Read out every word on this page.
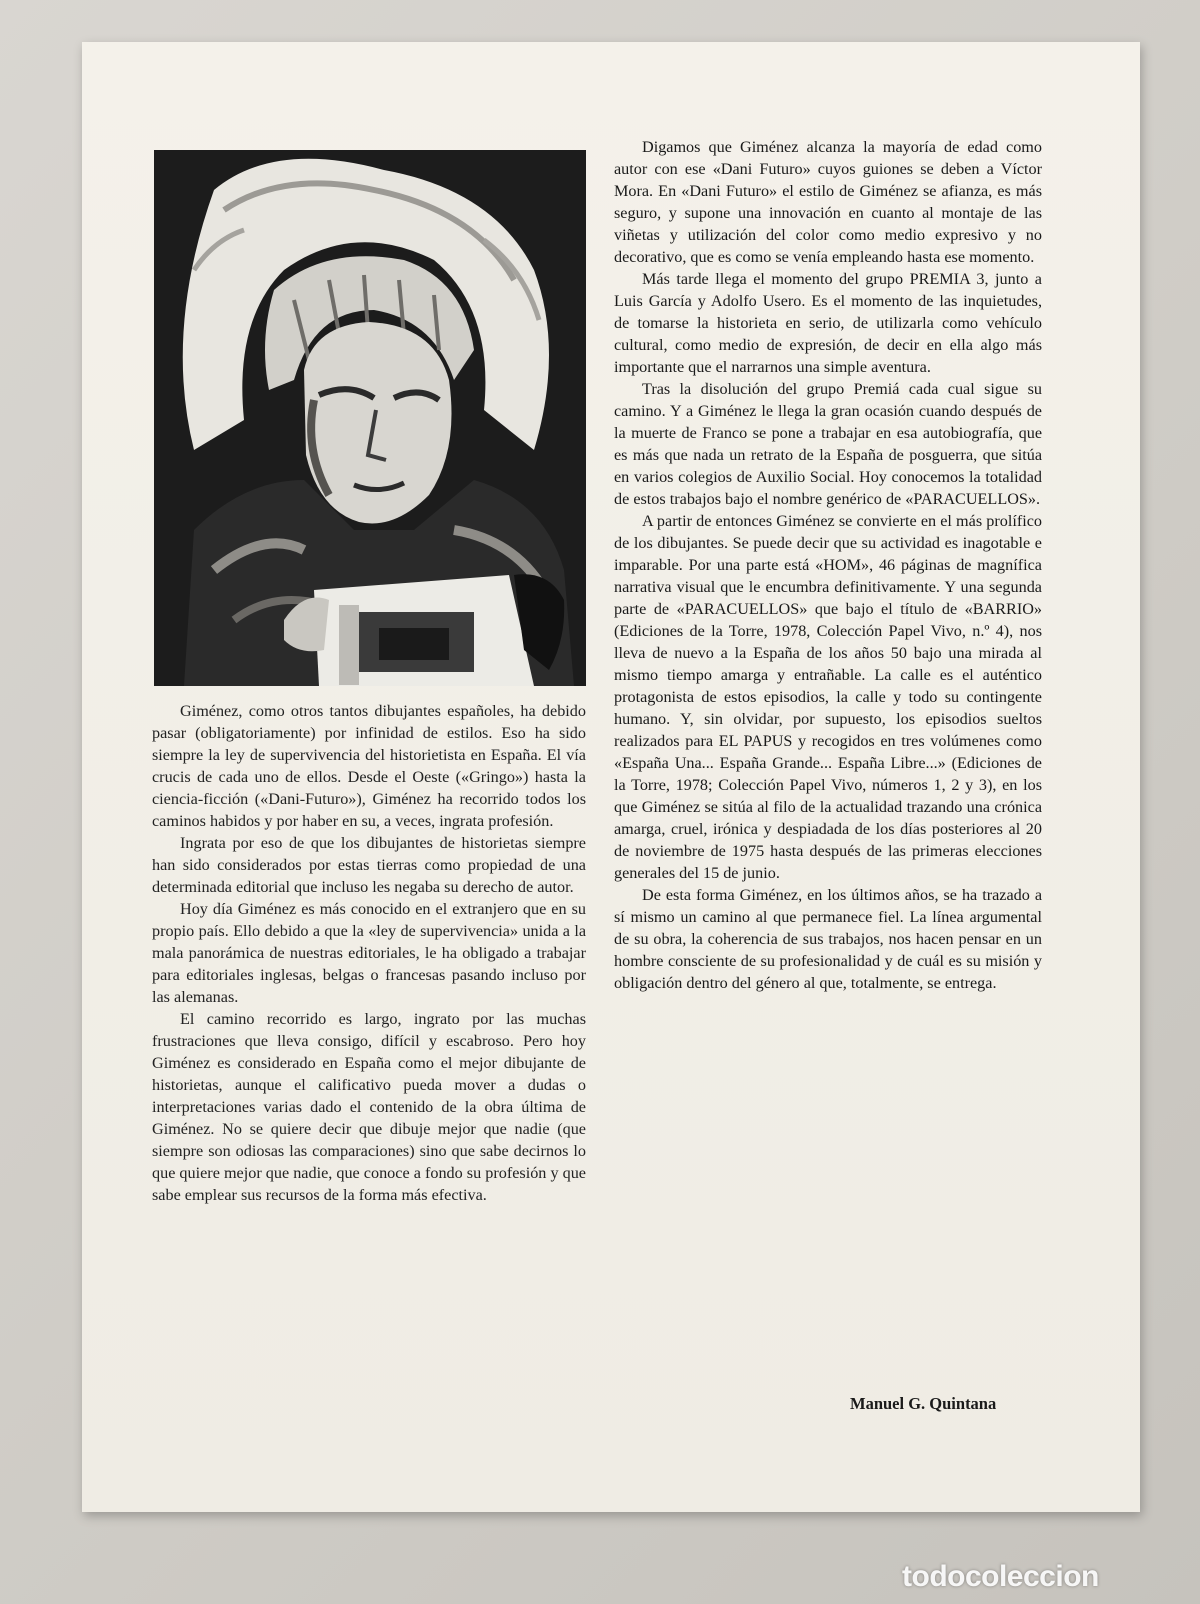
Giménez, como otros tantos dibujantes españoles, ha debido pasar (obligatoriamente) por infinidad de estilos. Eso ha sido siempre la ley de supervivencia del historietista en España. El vía crucis de cada uno de ellos. Desde el Oeste («Gringo») hasta la ciencia-ficción («Dani-Futuro»), Giménez ha recorrido todos los caminos habidos y por haber en su, a veces, ingrata profesión.

Ingrata por eso de que los dibujantes de historietas siempre han sido considerados por estas tierras como propiedad de una determinada editorial que incluso les negaba su derecho de autor.

Hoy día Giménez es más conocido en el extranjero que en su propio país. Ello debido a que la «ley de supervivencia» unida a la mala panorámica de nuestras editoriales, le ha obligado a trabajar para editoriales inglesas, belgas o francesas pasando incluso por las alemanas.

El camino recorrido es largo, ingrato por las muchas frustraciones que lleva consigo, difícil y escabroso. Pero hoy Giménez es considerado en España como el mejor dibujante de historietas, aunque el calificativo pueda mover a dudas o interpretaciones varias dado el contenido de la obra última de Giménez. No se quiere decir que dibuje mejor que nadie (que siempre son odiosas las comparaciones) sino que sabe decirnos lo que quiere mejor que nadie, que conoce a fondo su profesión y que sabe emplear sus recursos de la forma más efectiva.

Digamos que Giménez alcanza la mayoría de edad como autor con ese «Dani Futuro» cuyos guiones se deben a Víctor Mora. En «Dani Futuro» el estilo de Giménez se afianza, es más seguro, y supone una innovación en cuanto al montaje de las viñetas y utilización del color como medio expresivo y no decorativo, que es como se venía empleando hasta ese momento.

Más tarde llega el momento del grupo PREMIA 3, junto a Luis García y Adolfo Usero. Es el momento de las inquietudes, de tomarse la historieta en serio, de utilizarla como vehículo cultural, como medio de expresión, de decir en ella algo más importante que el narrarnos una simple aventura.

Tras la disolución del grupo Premiá cada cual sigue su camino. Y a Giménez le llega la gran ocasión cuando después de la muerte de Franco se pone a trabajar en esa autobiografía, que es más que nada un retrato de la España de posguerra, que sitúa en varios colegios de Auxilio Social. Hoy conocemos la totalidad de estos trabajos bajo el nombre genérico de «PARACUELLOS».

A partir de entonces Giménez se convierte en el más prolífico de los dibujantes. Se puede decir que su actividad es inagotable e imparable. Por una parte está «HOM», 46 páginas de magnífica narrativa visual que le encumbra definitivamente. Y una segunda parte de «PARACUELLOS» que bajo el título de «BARRIO» (Ediciones de la Torre, 1978, Colección Papel Vivo, n.º 4), nos lleva de nuevo a la España de los años 50 bajo una mirada al mismo tiempo amarga y entrañable. La calle es el auténtico protagonista de estos episodios, la calle y todo su contingente humano. Y, sin olvidar, por supuesto, los episodios sueltos realizados para EL PAPUS y recogidos en tres volúmenes como «España Una... España Grande... España Libre...» (Ediciones de la Torre, 1978; Colección Papel Vivo, números 1, 2 y 3), en los que Giménez se sitúa al filo de la actualidad trazando una crónica amarga, cruel, irónica y despiadada de los días posteriores al 20 de noviembre de 1975 hasta después de las primeras elecciones generales del 15 de junio.

De esta forma Giménez, en los últimos años, se ha trazado a sí mismo un camino al que permanece fiel. La línea argumental de su obra, la coherencia de sus trabajos, nos hacen pensar en un hombre consciente de su profesionalidad y de cuál es su misión y obligación dentro del género al que, totalmente, se entrega.

Manuel G. Quintana
todocoleccion
